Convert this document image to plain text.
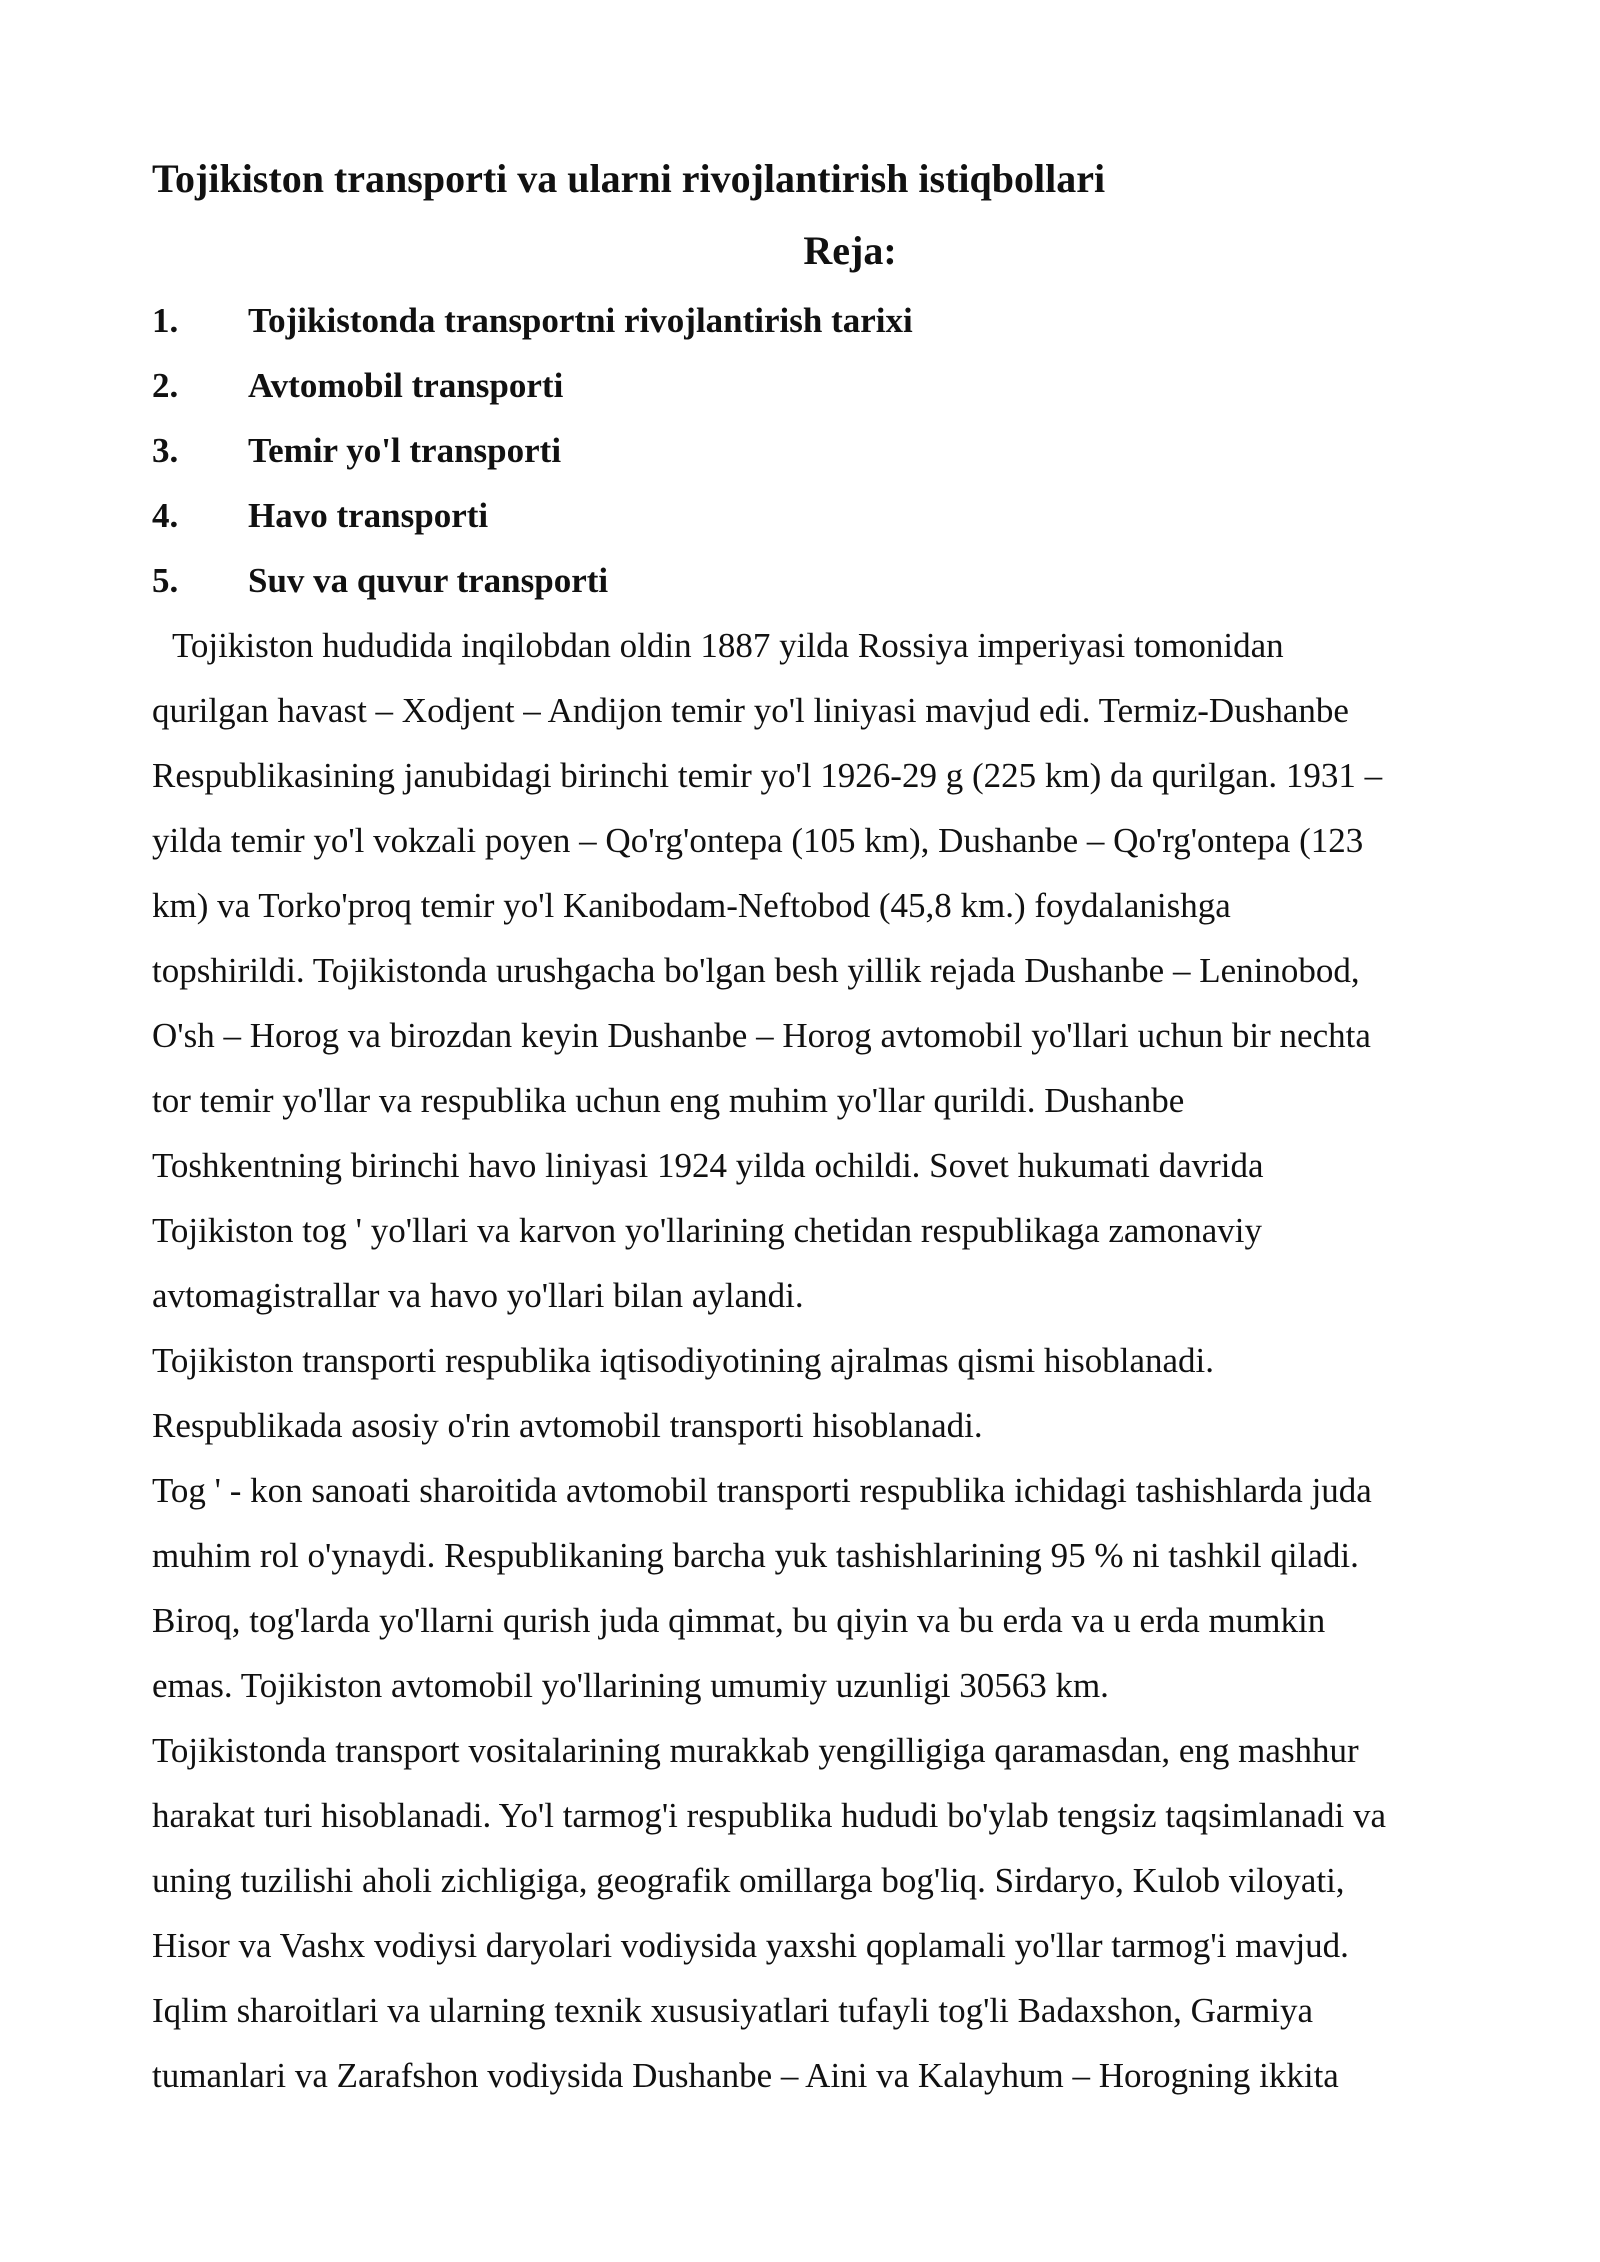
Tojikiston transporti va ularni rivojlantirish istiqbollari
Reja:
1.	Tojikistonda transportni rivojlantirish tarixi
2.	Avtomobil transporti
3.	Temir yo'l transporti
4.	Havo transporti
5.	Suv va quvur transporti

Tojikiston hududida inqilobdan oldin 1887 yilda Rossiya imperiyasi tomonidan
qurilgan havast – Xodjent – Andijon temir yo'l liniyasi mavjud edi. Termiz-Dushanbe
Respublikasining janubidagi birinchi temir yo'l 1926-29 g (225 km) da qurilgan. 1931 –
yilda temir yo'l vokzali poyen – Qo'rg'ontepa (105 km), Dushanbe – Qo'rg'ontepa (123
km) va Torko'proq temir yo'l Kanibodam-Neftobod (45,8 km.) foydalanishga
topshirildi. Tojikistonda urushgacha bo'lgan besh yillik rejada Dushanbe – Leninobod,
O'sh – Horog va birozdan keyin Dushanbe – Horog avtomobil yo'llari uchun bir nechta
tor temir yo'llar va respublika uchun eng muhim yo'llar qurildi. Dushanbe
Toshkentning birinchi havo liniyasi 1924 yilda ochildi. Sovet hukumati davrida
Tojikiston tog ' yo'llari va karvon yo'llarining chetidan respublikaga zamonaviy
avtomagistrallar va havo yo'llari bilan aylandi.

Tojikiston transporti respublika iqtisodiyotining ajralmas qismi hisoblanadi.
Respublikada asosiy o'rin avtomobil transporti hisoblanadi.

Tog ' - kon sanoati sharoitida avtomobil transporti respublika ichidagi tashishlarda juda
muhim rol o'ynaydi. Respublikaning barcha yuk tashishlarining 95 % ni tashkil qiladi.
Biroq, tog'larda yo'llarni qurish juda qimmat, bu qiyin va bu erda va u erda mumkin
emas. Tojikiston avtomobil yo'llarining umumiy uzunligi 30563 km.

Tojikistonda transport vositalarining murakkab yengilligiga qaramasdan, eng mashhur
harakat turi hisoblanadi. Yo'l tarmog'i respublika hududi bo'ylab tengsiz taqsimlanadi va
uning tuzilishi aholi zichligiga, geografik omillarga bog'liq. Sirdaryo, Kulob viloyati,
Hisor va Vashx vodiysi daryolari vodiysida yaxshi qoplamali yo'llar tarmog'i mavjud.
Iqlim sharoitlari va ularning texnik xususiyatlari tufayli tog'li Badaxshon, Garmiya
tumanlari va Zarafshon vodiysida Dushanbe – Aini va Kalayhum – Horogning ikkita
